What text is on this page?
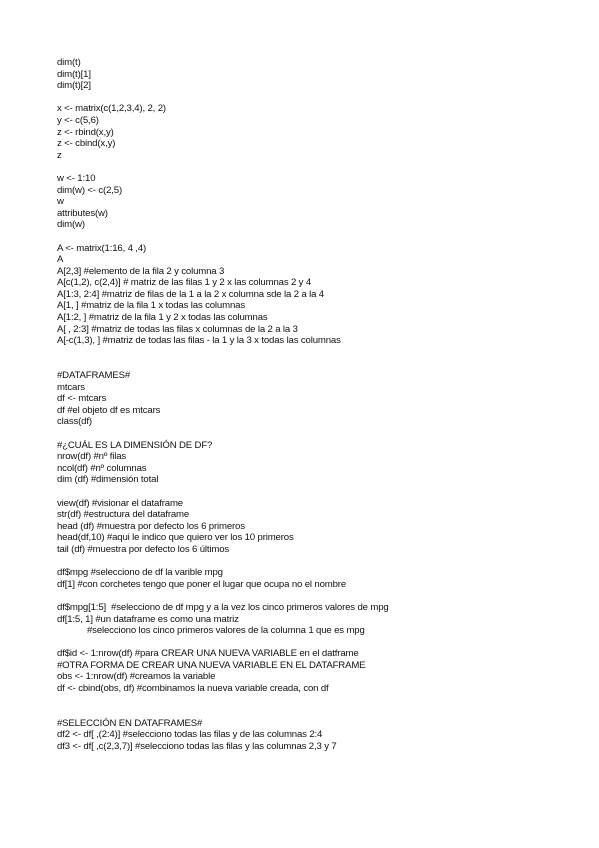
dim(t)
dim(t)[1]
dim(t)[2]
x <- matrix(c(1,2,3,4), 2, 2)
y <- c(5,6)
z <- rbind(x,y)
z <- cbind(x,y)
z
w <- 1:10
dim(w) <- c(2,5)
w
attributes(w)
dim(w)
A <- matrix(1:16, 4 ,4)
A
A[2,3] #elemento de la fila 2 y columna 3
A[c(1,2), c(2,4)] # matriz de las filas 1 y 2 x las columnas 2 y 4
A[1:3, 2:4] #matriz de filas de la 1 a la 2 x columna sde la 2 a la 4
A[1, ] #matriz de la fila 1 x todas las columnas
A[1:2, ] #matriz de la fila 1 y 2 x todas las columnas
A[ , 2:3] #matriz de todas las filas x columnas de la 2 a la 3
A[-c(1,3), ] #matriz de todas las filas - la 1 y la 3 x todas las columnas
#DATAFRAMES#
mtcars
df <- mtcars
df #el objeto df es mtcars
class(df)
#¿CUÁL ES LA DIMENSIÓN DE DF?
nrow(df) #nº filas
ncol(df) #nº columnas
dim (df) #dimensión total
view(df) #visionar el dataframe
str(df) #estructura del dataframe
head (df) #muestra por defecto los 6 primeros
head(df,10) #aqui le indico que quiero ver los 10 primeros
tail (df) #muestra por defecto los 6 últimos
df$mpg #selecciono de df la varible mpg
df[1] #con corchetes tengo que poner el lugar que ocupa no el nombre
df$mpg[1:5]  #selecciono de df mpg y a la vez los cinco primeros valores de mpg
df[1:5, 1] #un dataframe es como una matriz
#selecciono los cinco primeros valores de la columna 1 que es mpg
df$id <- 1:nrow(df) #para CREAR UNA NUEVA VARIABLE en el datframe
#OTRA FORMA DE CREAR UNA NUEVA VARIABLE EN EL DATAFRAME
obs <- 1:nrow(df) #creamos la variable
df <- cbind(obs, df) #combinamos la nueva variable creada, con df
#SELECCIÓN EN DATAFRAMES#
df2 <- df[ ,(2:4)] #selecciono todas las filas y de las columnas 2:4
df3 <- df[ ,c(2,3,7)] #selecciono todas las filas y las columnas 2,3 y 7
